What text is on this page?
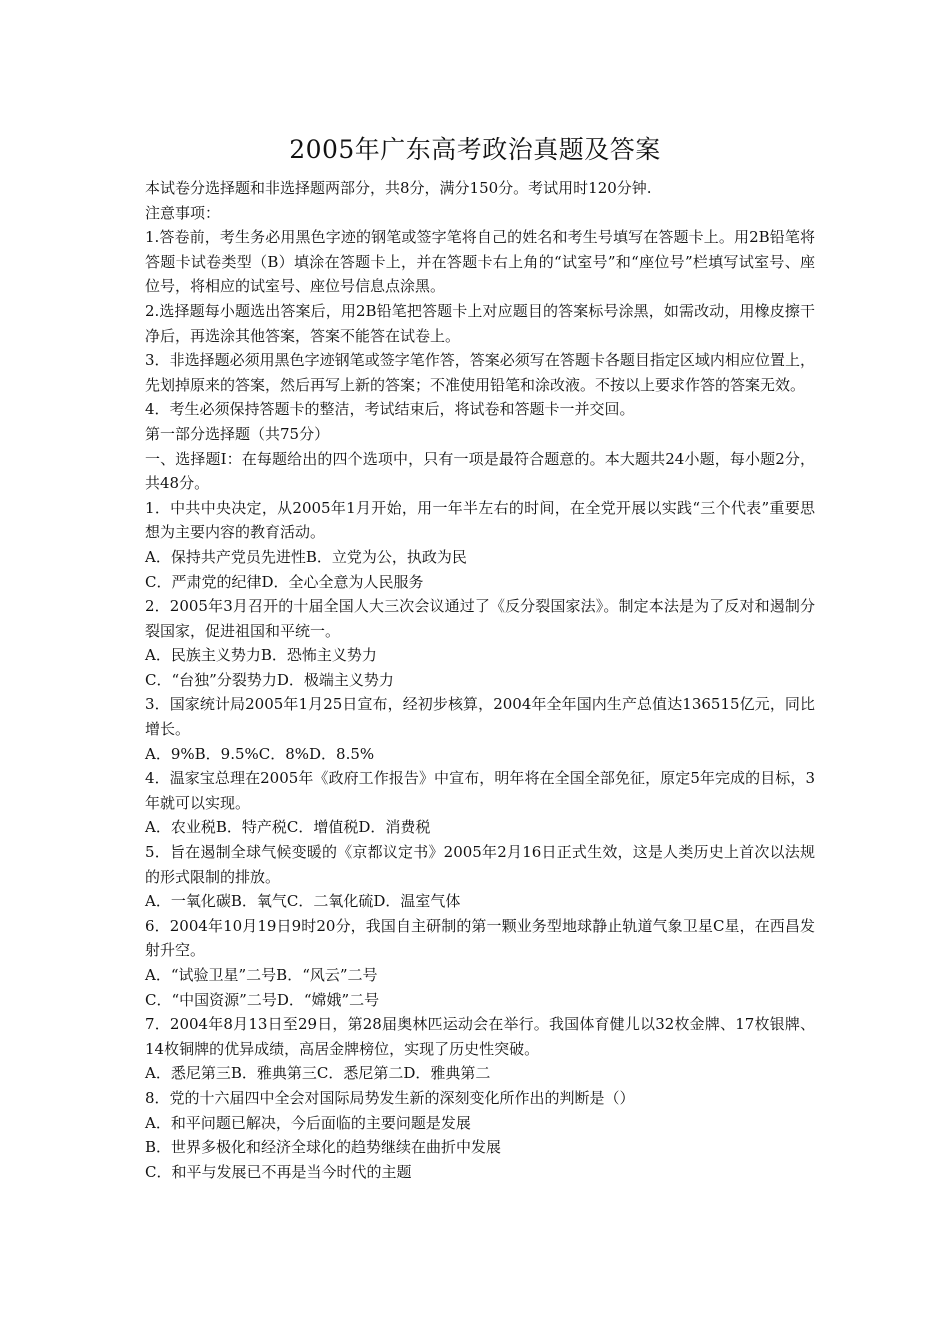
2005年广东高考政治真题及答案

本试卷分选择题和非选择题两部分，共8分，满分150分。考试用时120分钟.

注意事项：

1.答卷前，考生务必用黑色字迹的钢笔或签字笔将自己的姓名和考生号填写在答题卡上。用2B铅笔将答题卡试卷类型（B）填涂在答题卡上，并在答题卡右上角的“试室号”和“座位号”栏填写试室号、座位号，将相应的试室号、座位号信息点涂黑。

2.选择题每小题选出答案后，用2B铅笔把答题卡上对应题目的答案标号涂黑，如需改动，用橡皮擦干净后，再选涂其他答案，答案不能答在试卷上。

3．非选择题必须用黑色字迹钢笔或签字笔作答，答案必须写在答题卡各题目指定区域内相应位置上，先划掉原来的答案，然后再写上新的答案；不准使用铅笔和涂改液。不按以上要求作答的答案无效。

4．考生必须保持答题卡的整洁，考试结束后，将试卷和答题卡一并交回。

第一部分选择题（共75分）

一、选择题I：在每题给出的四个选项中，只有一项是最符合题意的。本大题共24小题，每小题2分，共48分。

1．中共中央决定，从2005年1月开始，用一年半左右的时间，在全党开展以实践“三个代表”重要思想为主要内容的教育活动。

A．保持共产党员先进性B．立党为公，执政为民

C．严肃党的纪律D．全心全意为人民服务

2．2005年3月召开的十届全国人大三次会议通过了《反分裂国家法》。制定本法是为了反对和遏制分裂国家，促进祖国和平统一。

A．民族主义势力B．恐怖主义势力

C．“台独”分裂势力D．极端主义势力

3．国家统计局2005年1月25日宣布，经初步核算，2004年全年国内生产总值达136515亿元，同比增长。

A．9%B．9.5%C．8%D．8.5%

4．温家宝总理在2005年《政府工作报告》中宣布，明年将在全国全部免征，原定5年完成的目标，3年就可以实现。

A．农业税B．特产税C．增值税D．消费税

5．旨在遏制全球气候变暖的《京都议定书》2005年2月16日正式生效，这是人类历史上首次以法规的形式限制的排放。

A．一氧化碳B．氧气C．二氧化硫D．温室气体

6．2004年10月19日9时20分，我国自主研制的第一颗业务型地球静止轨道气象卫星C星，在西昌发射升空。

A．“试验卫星”二号B．“风云”二号

C．“中国资源”二号D．“嫦娥”二号

7．2004年8月13日至29日，第28届奥林匹运动会在举行。我国体育健儿以32枚金牌、17枚银牌、14枚铜牌的优异成绩，高居金牌榜位，实现了历史性突破。

A．悉尼第三B．雅典第三C．悉尼第二D．雅典第二

8．党的十六届四中全会对国际局势发生新的深刻变化所作出的判断是（）

A．和平问题已解决，今后面临的主要问题是发展

B．世界多极化和经济全球化的趋势继续在曲折中发展

C．和平与发展已不再是当今时代的主题
